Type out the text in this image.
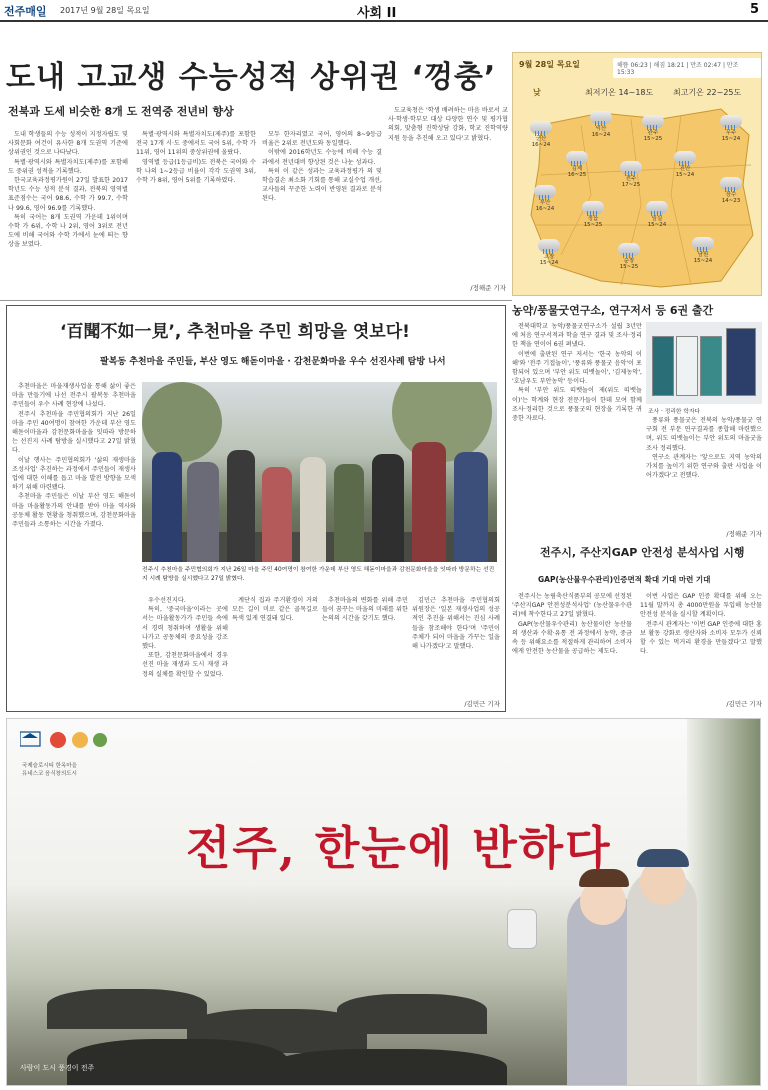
전주매일 2017년 9월 28일 목요일	사회 II	5
도내 고교생 수능성적 상위권 ‘껑충’
전북과 도세 비슷한 8개 도 전역중 전년비 향상

도내 학생들의 수능 성적이 지정자립도 및 사회문화 여건이 유사한 8개 도권역 기준에 상위권인 것으로 나타났다.

특별·광역시와 특별자치도(제주)를 포함해도 중위권 성적을 기록했다.

한국교육과정평가원이 27일 발표한 2017학년도 수능 성적 분석 결과, 전북의 영역별 표준점수는 국어 98.6, 수학 가 99.7, 수학 나 99.6, 영어 96.9를 기록했다.

특히 국어는 8개 도권역 가운데 1위이며 수학 가 6위, 수학 나 2위, 영어 3위로 전년도에 비해 국어와 수학 가에서 눈에 띄는 향상을 보였다.

특별·광역시와 특별자치도(제주)를 포함한 전국 17개 시·도 중에서도 국어 5위, 수학 가 11위, 영어 11위의 중상위권에 올랐다.

영역별 등급(1등급비)도 전북은 국어와 수학 나의 1~2등급 비율이 각각 도권역 3위, 수학 가 8위, 영어 5위를 기록하였다.

모두 한자리였고 국어, 영어의 8~9등급 비율은 2위로 전년도와 동일했다.

이밖에 2016학년도 수능에 비해 수능 결과에서 전년대비 향상된 것은 나눈 성과다.

특히 이 같은 성과는 교육과정평가 의 및 학습결손 최소화 기회를 통해 교실수업 개선, 교사들의 꾸준한 노력이 반영된 결과로 분석된다.

도교육청은 '학생 배려하는 마음 바로서 교사·학생·학부모 대상 다양한 연수 및 평가협의회, 맞춤형 진학상담 강화, 학교 진학역량 지원 등을 추진해 오고 있다'고 밝혔다.

/정해준 기자
9월 28일 목요일	해뜸 06:23 | 해짐 18:21 | 만조 02:47 | 만조 15:33
낮	최저기온 14~18도 최고기온 22~25도
군산
16~24
익산
16~24	완주
15~25
무주
15~24
김제
16~25
전주
17~25
진안
15~24
장수
14~23
부안
16~24
정읍
15~25
임실
15~24
고창
15~24	순창
15~25
남원
15~24
‘百聞不如一見’, 추천마을 주민 희망을 엿보다!
팔복동 추천마을 주민들, 부산 영도 해돋이마을 · 감천문화마을 우수 선진사례 탐방 나서

추천마을은 마을재생사업을 통해 삶이 좋은 마을 만들기에 나선 전주시 팔복동 추천마을 주민들이 우수 사례 현장에 나섰다.

전주시 추천마을 주민협의회가 지난 26일 마을 주민 40여명이 참여한 가운데 부산 영도 해돋이마을과 감천문화마을을 잇따라 방문하는 선진지 사례 탐방을 실시했다고 27일 밝혔다.

이날 행사는 주민협의회가 '삶의 재생마을 조성사업' 추진하는 과정에서 주민들이 재생사업에 대한 이해를 돕고 마을 발전 방향을 모색하기 위해 마련됐다.

추천마을 주민들은 이날 부산 영도 해돋이 마을 마을활동가의 안내를 받아 마을 역사와 공동체 활동 현황을 청취했으며, 감천문화마을 주민들과 소통하는 시간을 가졌다.

전주시 추천마을 주민협의회가 지난 26일 마을 주민 40여명이 참여한 가운데 부산 영도 해돋이마을과 감천문화마을을 잇따라 방문하는 선진지 시례 탐방을 실시했다고 27일 밝혔다.

우수선진지다.

특히, '중국마을'이라는 곳에서는 마을활동가가 주민들 속에서 경력 청취하며 생활을 위해 나가고 공동체의 중요성을 강조했다.

또한, 감천문화마을에서 경우 선진 마을 재생과 도시 재생 과정의 실체를 확인할 수 있었다.

계단식 집과 주거환경이 거의 모든 길이 미로 같은 골목길로 특색 있게 연결돼 있다.

추천마을의 변화를 위해 주민들이 꿈꾸는 마을의 미래를 위한 논의의 시간을 갖기도 했다.

김민근 추천마을 주민협의회 위원장은 '일본 재생사업의 성공적인 추진을 위해서는 진심 사례들을 참조해야 한다'며 '주민이 주체가 되어 마을을 가꾸는 일을 해 나가겠다'고 말했다.

/김민근 기자
농약/풍물굿연구소, 연구저서 등 6권 출간

전북대학교 농악/풍물굿연구소가 설립 3년만에 처음 연구서적과 학술 연구 결과 및 조사·정리한 책을 연이어 6권 펴냈다.

이번에 출판된 연구 저서는 '한국 농악의 이해'와 '전주 기접놀이', '풍류와 풍물굿 음악'이 포함되어 있으며 '부안 위도 띠뱃놀이', '김제농악', '호남우도 부안농악' 등이다.

특히 '부안 위도 띠뱃놀이 제(위도 띠뱃놀이)'는 학계와 현장 전문가들이 한데 모여 함께 조사·정리한 것으로 풍물굿의 현장을 기록한 귀중한 자료다.

조사 · 정리한 학자다

풍류와 풍물굿은 전북의 농악/풍물굿 연구회 전 부문 연구결과를 종합해 마련했으며, 위도 띠뱃놀이는 부안 위도의 마을굿을 조사 정리했다.

연구소 관계자는 '앞으로도 지역 농악의 가치를 높이기 위한 연구와 출판 사업을 이어가겠다'고 전했다.

/정해준 기자
전주시, 주산지GAP 안전성 분석사업 시행
GAP(농산물우수관리)인증면적 확대 기대 마련 기대

전주시는 농림축산식품부의 공모에 선정된 '주산지GAP 안전성분석사업' (농산물우수관리)에 착수한다고 27일 밝혔다.

GAP(농산물우수관리) 농산물이란 농산물의 생산과 수확·유통 전 과정에서 농약, 중금속 등 위해요소를 적절하게 관리하여 소비자에게 안전한 농산물을 공급하는 제도다.

이번 사업은 GAP 인증 확대를 위해 오는 11월 말까지 총 4000만원을 투입해 농산물 안전성 분석을 실시할 계획이다.

전주시 관계자는 '이번 GAP 인증에 대한 홍보 활동 강화로 생산자와 소비자 모두가 신뢰할 수 있는 먹거리 환경을 만들겠다'고 말했다.

/김민근 기자
국제슬로시티 한옥마을
유네스코 음식창의도시
전주, 한눈에 반하다
사람이 도시 풍경이 전주
